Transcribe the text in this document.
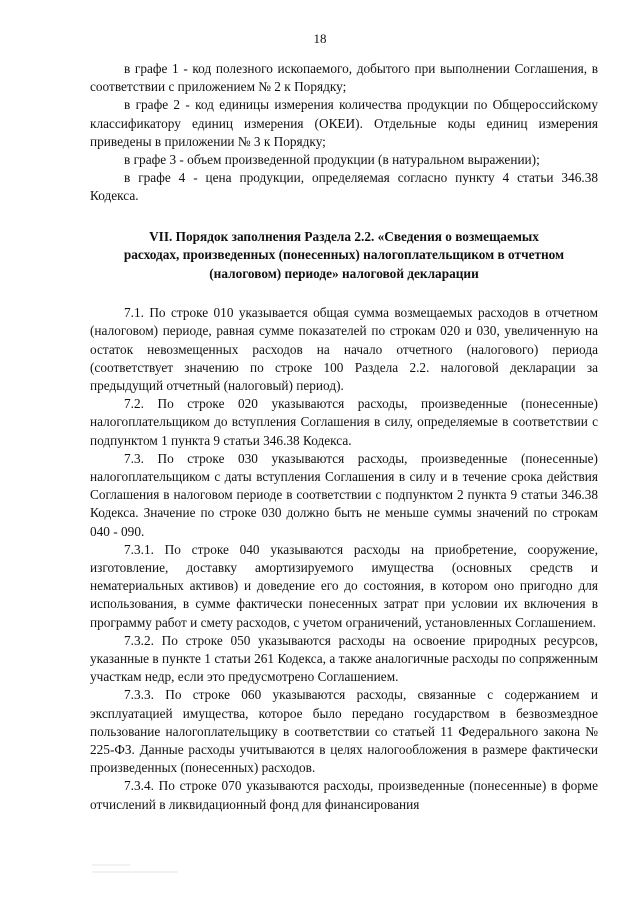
18

в графе 1 - код полезного ископаемого, добытого при выполнении Соглашения, в соответствии с приложением № 2 к Порядку;

в графе 2 - код единицы измерения количества продукции по Общероссийскому классификатору единиц измерения (ОКЕИ). Отдельные коды единиц измерения приведены в приложении № 3 к Порядку;

в графе 3 - объем произведенной продукции (в натуральном выражении);

в графе 4 - цена продукции, определяемая согласно пункту 4 статьи 346.38 Кодекса.

VII. Порядок заполнения Раздела 2.2. «Сведения о возмещаемых
расходах, произведенных (понесенных) налогоплательщиком в отчетном
(налоговом) периоде» налоговой декларации

7.1. По строке 010 указывается общая сумма возмещаемых расходов в отчетном (налоговом) периоде, равная сумме показателей по строкам 020 и 030, увеличенную на остаток невозмещенных расходов на начало отчетного (налогового) периода (соответствует значению по строке 100 Раздела 2.2. налоговой декларации за предыдущий отчетный (налоговый) период).

7.2. По строке 020 указываются расходы, произведенные (понесенные) налогоплательщиком до вступления Соглашения в силу, определяемые в соответствии с подпунктом 1 пункта 9 статьи 346.38 Кодекса.

7.3. По строке 030 указываются расходы, произведенные (понесенные) налогоплательщиком с даты вступления Соглашения в силу и в течение срока действия Соглашения в налоговом периоде в соответствии с подпунктом 2 пункта 9 статьи 346.38 Кодекса. Значение по строке 030 должно быть не меньше суммы значений по строкам 040 - 090.

7.3.1. По строке 040 указываются расходы на приобретение, сооружение, изготовление, доставку амортизируемого имущества (основных средств и нематериальных активов) и доведение его до состояния, в котором оно пригодно для использования, в сумме фактически понесенных затрат при условии их включения в программу работ и смету расходов, с учетом ограничений, установленных Соглашением.

7.3.2. По строке 050 указываются расходы на освоение природных ресурсов, указанные в пункте 1 статьи 261 Кодекса, а также аналогичные расходы по сопряженным участкам недр, если это предусмотрено Соглашением.

7.3.3. По строке 060 указываются расходы, связанные с содержанием и эксплуатацией имущества, которое было передано государством в безвозмездное пользование налогоплательщику в соответствии со статьей 11 Федерального закона № 225-ФЗ. Данные расходы учитываются в целях налогообложения в размере фактически произведенных (понесенных) расходов.

7.3.4. По строке 070 указываются расходы, произведенные (понесенные) в форме отчислений в ликвидационный фонд для финансирования
